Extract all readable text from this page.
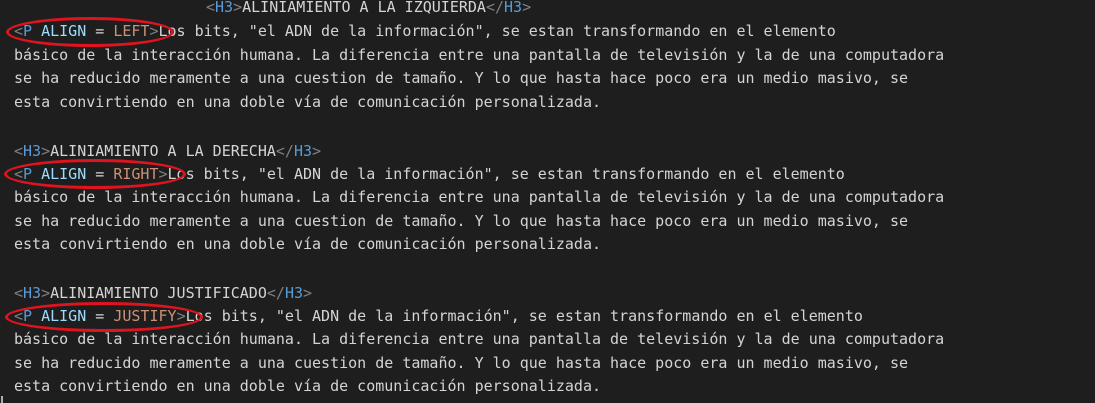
<H3>ALINIAMIENTO A LA IZQUIERDA</H3>
<P ALIGN = LEFT>Los bits, "el ADN de la información", se estan transformando en el elemento
básico de la interacción humana. La diferencia entre una pantalla de televisión y la de una computadora
se ha reducido meramente a una cuestion de tamaño. Y lo que hasta hace poco era un medio masivo, se
esta convirtiendo en una doble vía de comunicación personalizada.
<H3>ALINIAMIENTO A LA DERECHA</H3>
<P ALIGN = RIGHT>Los bits, "el ADN de la información", se estan transformando en el elemento
básico de la interacción humana. La diferencia entre una pantalla de televisión y la de una computadora
se ha reducido meramente a una cuestion de tamaño. Y lo que hasta hace poco era un medio masivo, se
esta convirtiendo en una doble vía de comunicación personalizada.
<H3>ALINIAMIENTO JUSTIFICADO</H3>
<P ALIGN = JUSTIFY>Los bits, "el ADN de la información", se estan transformando en el elemento
básico de la interacción humana. La diferencia entre una pantalla de televisión y la de una computadora
se ha reducido meramente a una cuestion de tamaño. Y lo que hasta hace poco era un medio masivo, se
esta convirtiendo en una doble vía de comunicación personalizada.
